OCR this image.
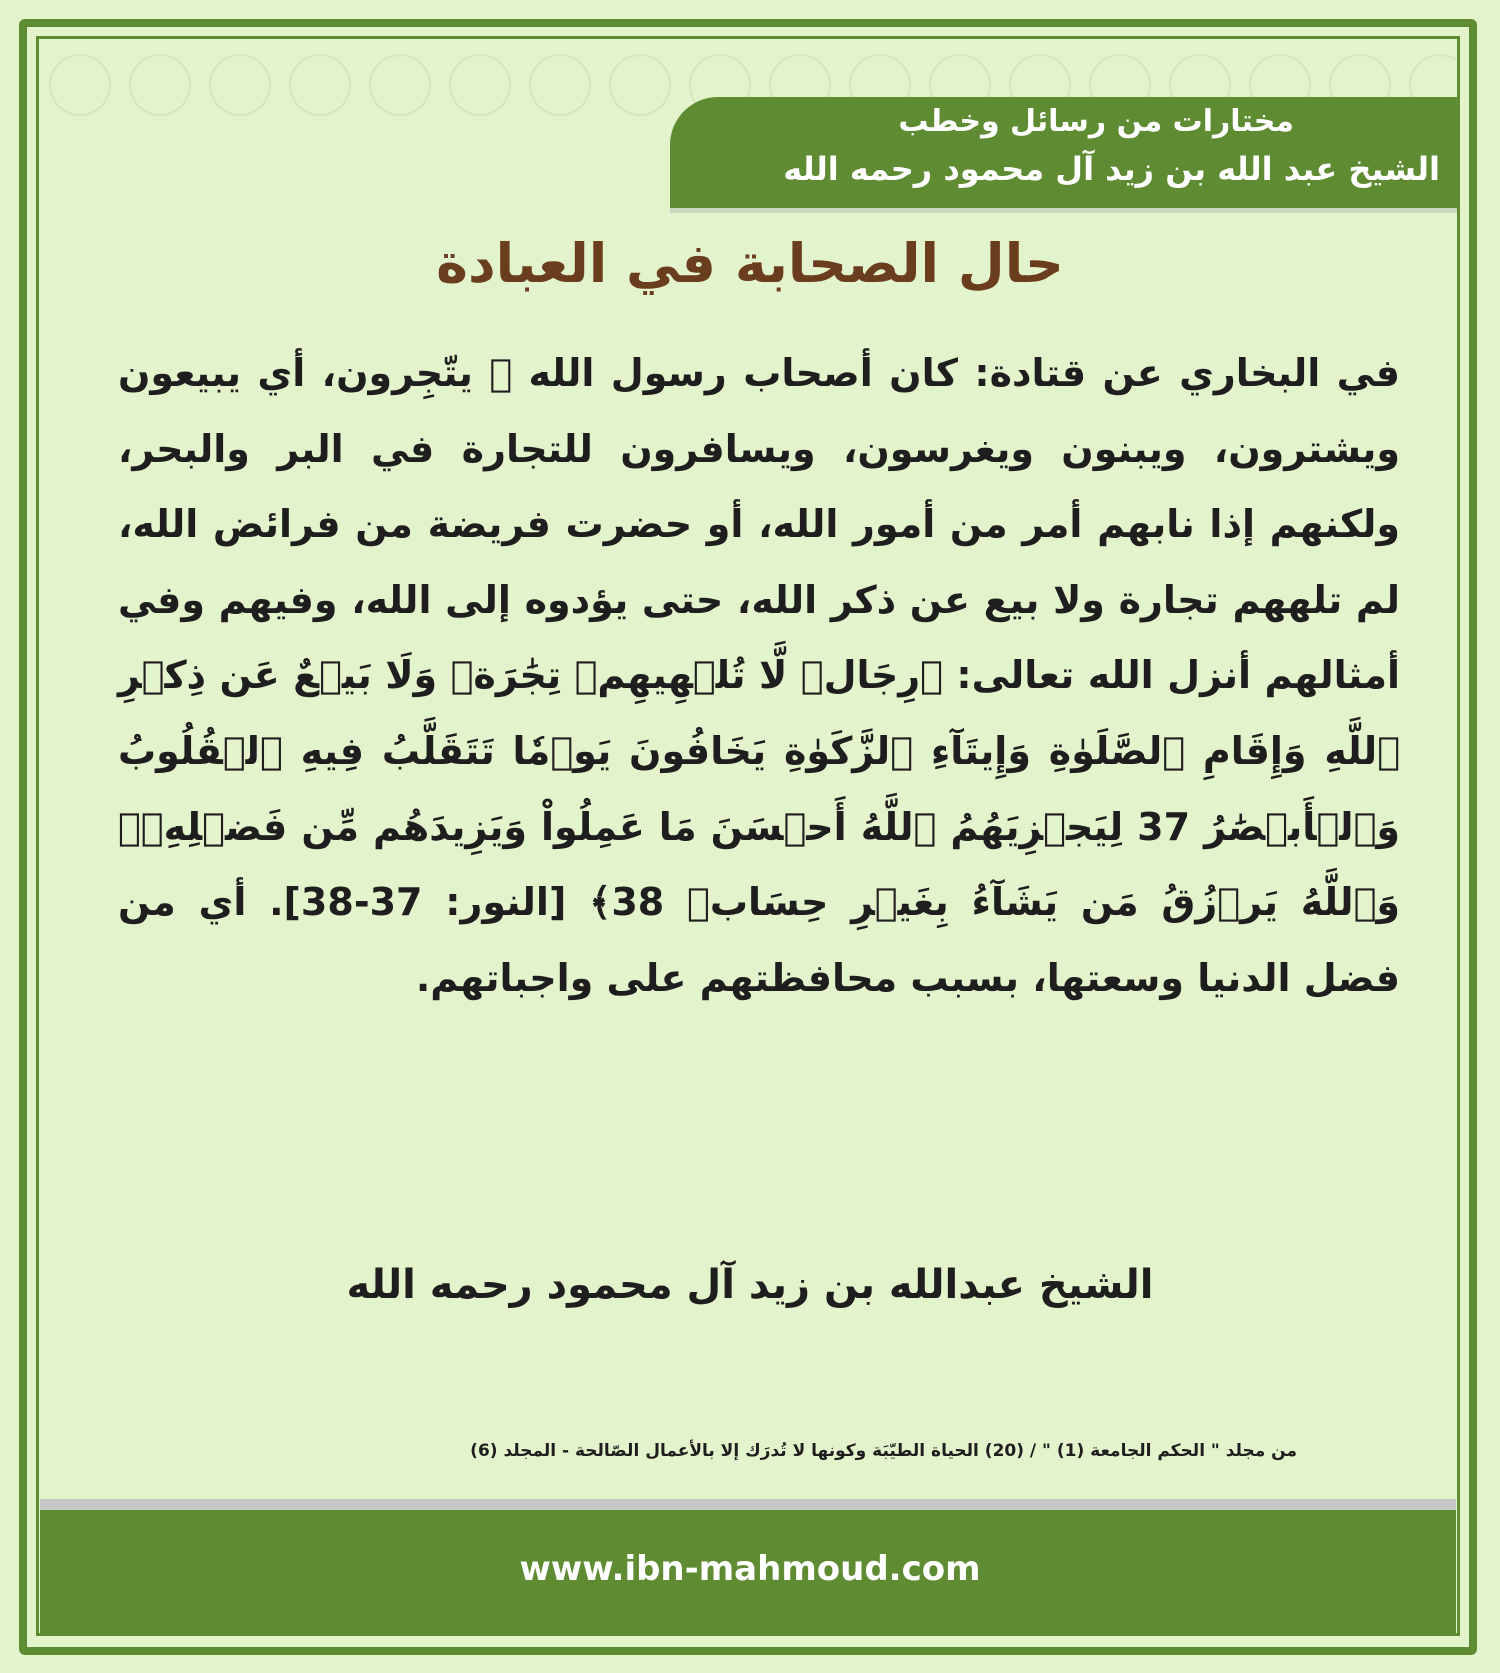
مختارات من رسائل وخطب
الشيخ عبد الله بن زيد آل محمود رحمه الله
حال الصحابة في العبادة
في البخاري عن قتادة: كان أصحاب رسول الله ﷺ يتّجِرون، أي يبيعون ويشترون، ويبنون ويغرسون، ويسافرون للتجارة في البر والبحر، ولكنهم إذا نابهم أمر من أمور الله، أو حضرت فريضة من فرائض الله، لم تلههم تجارة ولا بيع عن ذكر الله، حتى يؤدوه إلى الله، وفيهم وفي أمثالهم أنزل الله تعالى: ﴿رِجَالٞ لَّا تُلۡهِيهِمۡ تِجَٰرَةٞ وَلَا بَيۡعٌ عَن ذِكۡرِ ٱللَّهِ وَإِقَامِ ٱلصَّلَوٰةِ وَإِيتَآءِ ٱلزَّكَوٰةِ يَخَافُونَ يَوۡمٗا تَتَقَلَّبُ فِيهِ ٱلۡقُلُوبُ وَٱلۡأَبۡصَٰرُ 37 لِيَجۡزِيَهُمُ ٱللَّهُ أَحۡسَنَ مَا عَمِلُواْ وَيَزِيدَهُم مِّن فَضۡلِهِۦۗ وَٱللَّهُ يَرۡزُقُ مَن يَشَآءُ بِغَيۡرِ حِسَابٖ 38﴾ [النور: 37-38]. أي من فضل الدنيا وسعتها، بسبب محافظتهم على واجباتهم.
الشيخ عبدالله بن زيد آل محمود رحمه الله
من مجلد " الحكم الجامعة (1) " / (20) الحياة الطيّبَة وكونها لا تُدرَك إلا بالأعمال الصّالحة - المجلد (6)
www.ibn-mahmoud.com
